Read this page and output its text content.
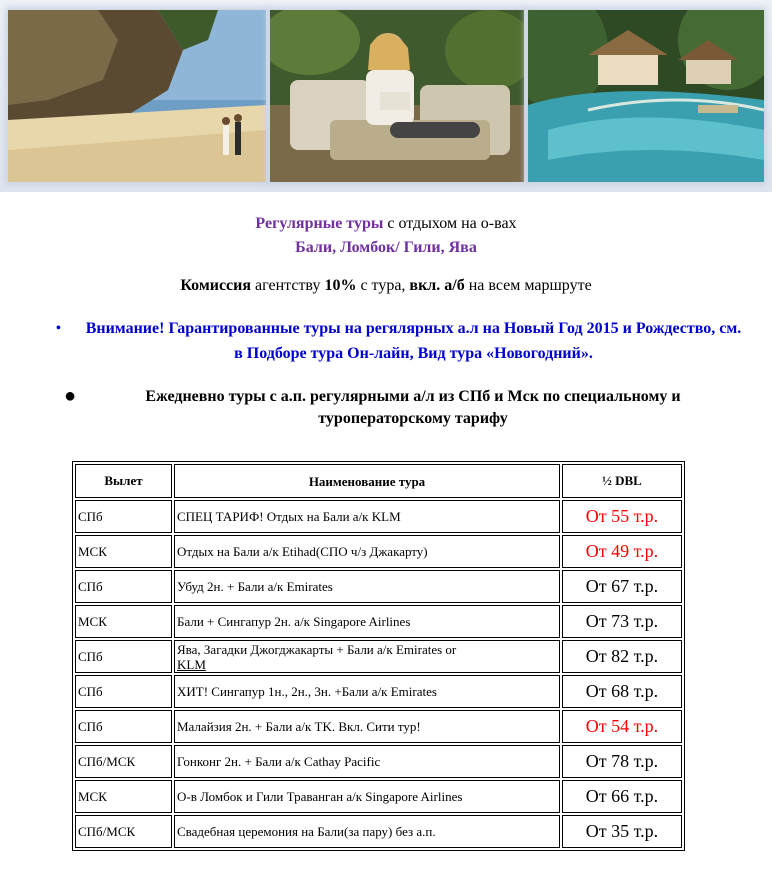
Регулярные туры с отдыхом на о-вах
Бали, Ломбок/ Гили, Ява
Комиссия агентству 10% с тура, вкл. а/б на всем маршруте
• Внимание! Гарантированные туры на регялярных а.л на Новый Год 2015 и Рождество, см. в Подборе тура Он-лайн, Вид тура «Новогодний».
●	Ежедневно туры с а.п. регулярными а/л из СПб и Мск по специальному и туроператорскому тарифу
Вылет	Наименование тура	½ DBL
СПб	СПЕЦ ТАРИФ! Отдых на Бали а/к KLM	От 55 т.р.
МСК	Отдых на Бали а/к Etihad(СПО ч/з Джакарту)	От 49 т.р.
СПб	Убуд 2н. + Бали а/к Emirates	От 67 т.р.
МСК	Бали + Сингапур 2н. а/к Singapore Airlines	От 73 т.р.
СПб	Ява, Загадки Джогджакарты + Бали а/к Emirates or
KLM	От 82 т.р.
СПб	ХИТ! Сингапур 1н., 2н., 3н. +Бали а/к Emirates	От 68 т.р.
СПб	Малайзия 2н. + Бали а/к TK. Вкл. Сити тур!	От 54 т.р.
СПб/МСК	Гонконг 2н. + Бали а/к Cathay Pacific	От 78 т.р.
МСК	О-в Ломбок и Гили Траванган а/к Singapore Airlines	От 66 т.р.
СПб/МСК	Свадебная церемония на Бали(за пару) без а.п.	От 35 т.р.
